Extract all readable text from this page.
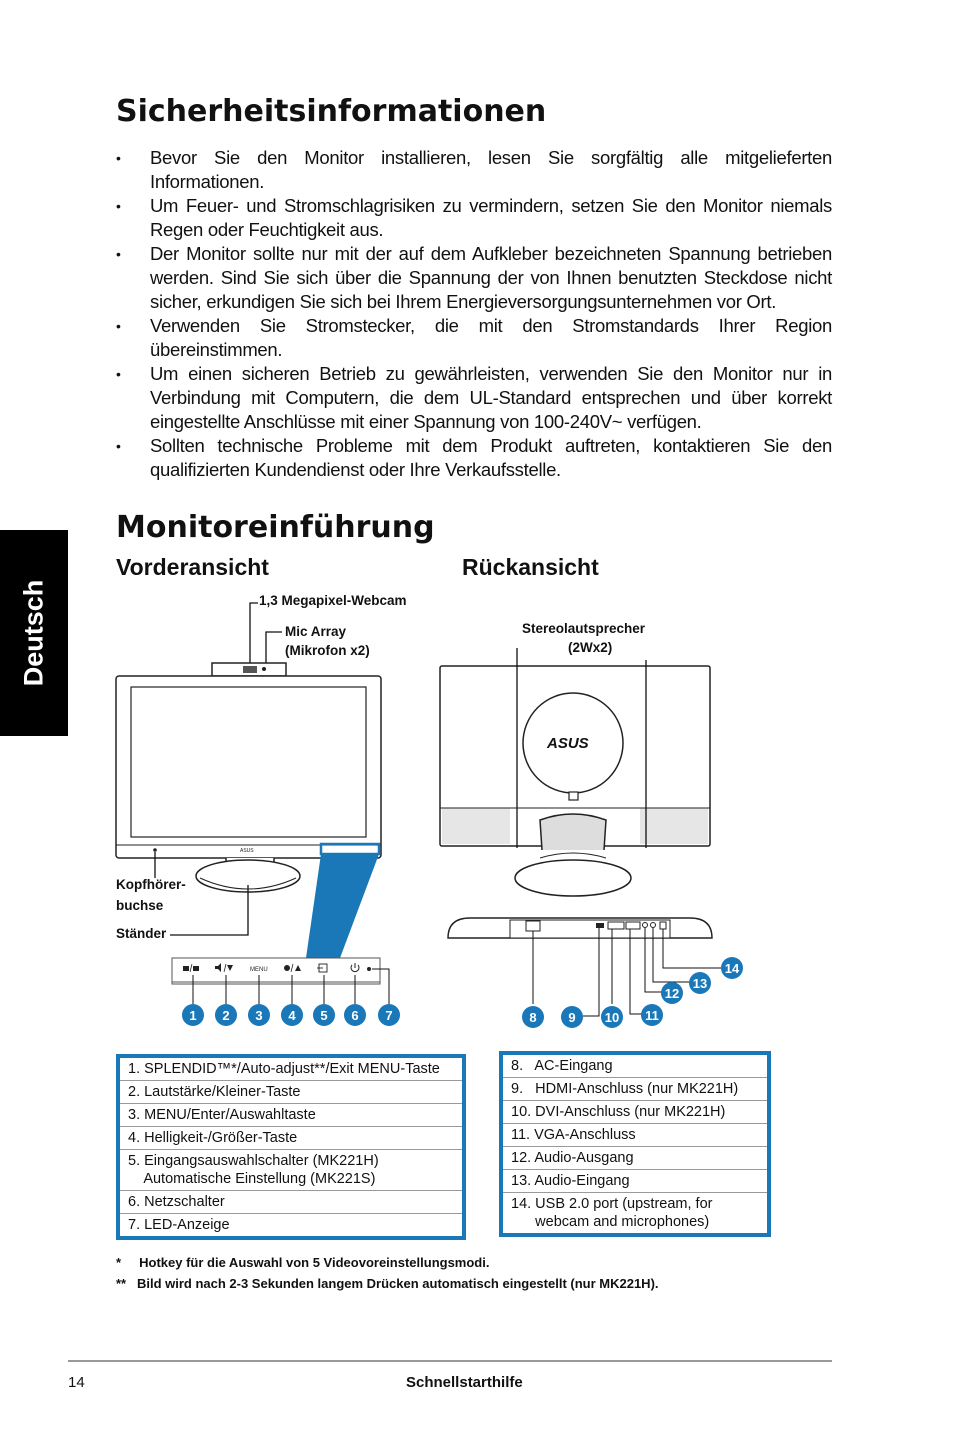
Deutsch
Sicherheitsinformationen
• Bevor Sie den Monitor installieren, lesen Sie sorgfältig alle mitgelieferten Informationen.
• Um Feuer- und Stromschlagrisiken zu vermindern, setzen Sie den Monitor niemals Regen oder Feuchtigkeit aus.
• Der Monitor sollte nur mit der auf dem Aufkleber bezeichneten Spannung betrieben werden. Sind Sie sich über die Spannung der von Ihnen benutzten Steckdose nicht sicher, erkundigen Sie sich bei Ihrem Energieversorgungsunternehmen vor Ort.
• Verwenden Sie Stromstecker, die mit den Stromstandards Ihrer Region übereinstimmen.
• Um einen sicheren Betrieb zu gewährleisten, verwenden Sie den Monitor nur in Verbindung mit Computern, die dem UL-Standard entsprechen und über korrekt eingestellte Anschlüsse mit einer Spannung von 100-240V~ verfügen.
• Sollten technische Probleme mit dem Produkt auftreten, kontaktieren Sie den qualifizierten Kundendienst oder Ihre Verkaufsstelle.
Monitoreinführung
Vorderansicht	Rückansicht
ASUS
MENU
ASUS
1,3 Megapixel-Webcam
Mic Array
(Mikrofon x2)
Kopfhörer-
buchse
Ständer
Stereolautsprecher
(2Wx2)
1	2	3	4	5	6	7	8	9	10	11
12
13
14
1. SPLENDID™*/Auto-adjust**/Exit MENU-Taste
2. Lautstärke/Kleiner-Taste
3. MENU/Enter/Auswahltaste
4. Helligkeit-/Größer-Taste
5. Eingangsauswahlschalter (MK221H)
Automatische Einstellung (MK221S)
6. Netzschalter
7. LED-Anzeige
8.   AC-Eingang
9.   HDMI-Anschluss (nur MK221H)
10. DVI-Anschluss (nur MK221H)
11. VGA-Anschluss
12. Audio-Ausgang
13. Audio-Eingang
14. USB 2.0 port (upstream, for
webcam and microphones)
*     Hotkey für die Auswahl von 5 Videovoreinstellungsmodi.
**   Bild wird nach 2-3 Sekunden langem Drücken automatisch eingestellt (nur MK221H).
14	Schnellstarthilfe
